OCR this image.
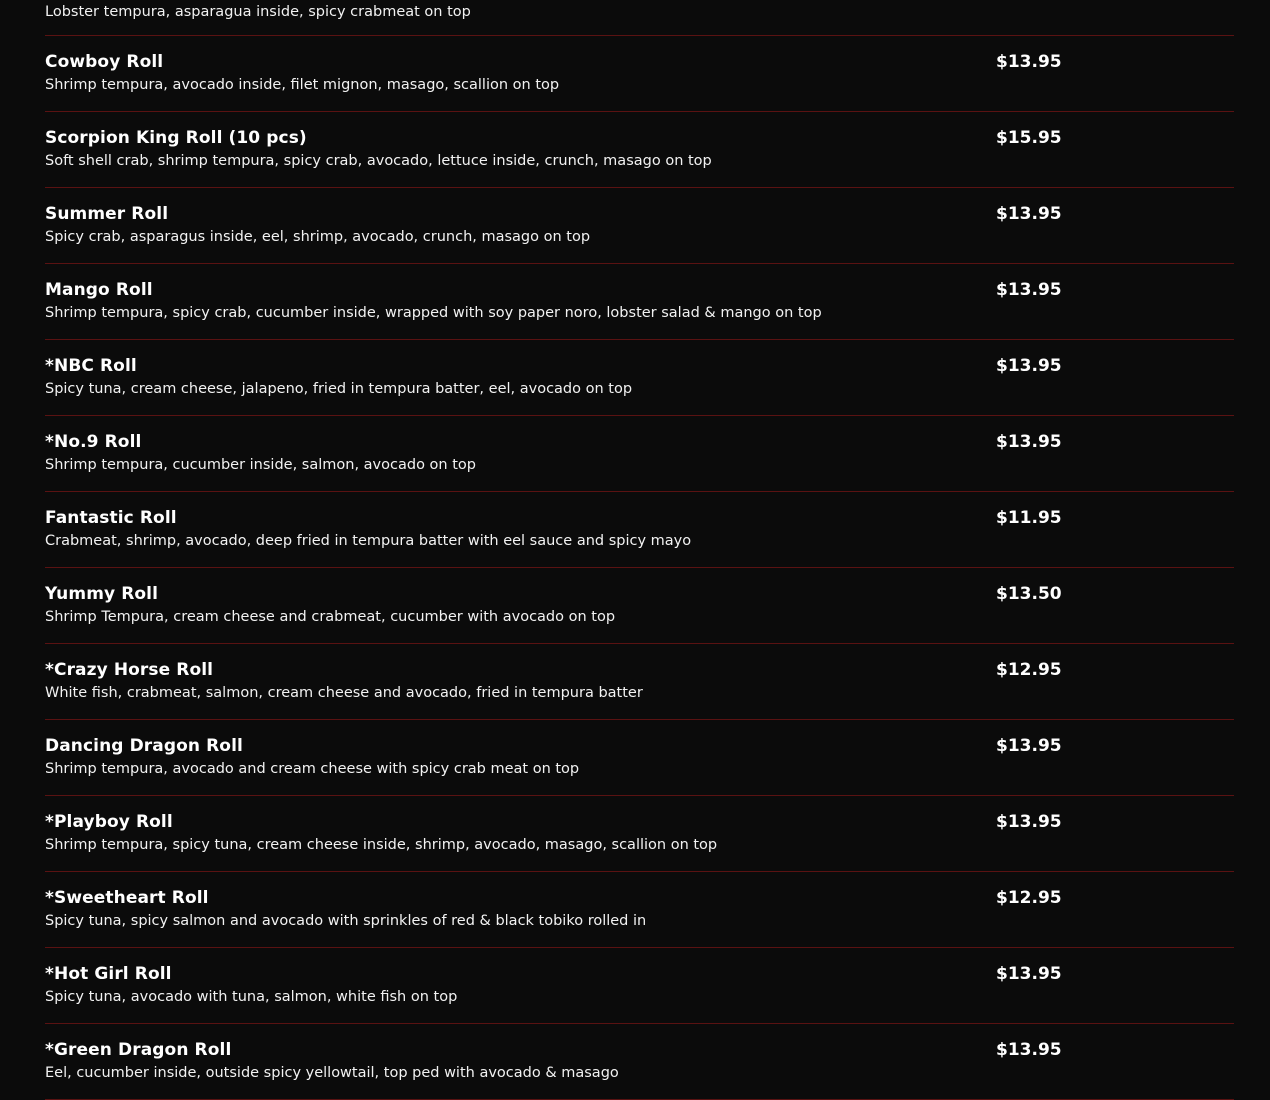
Lobster tempura, asparagua inside, spicy crabmeat on top
Cowboy Roll	$13.95
Shrimp tempura, avocado inside, filet mignon, masago, scallion on top
Scorpion King Roll (10 pcs)	$15.95
Soft shell crab, shrimp tempura, spicy crab, avocado, lettuce inside, crunch, masago on top
Summer Roll	$13.95
Spicy crab, asparagus inside, eel, shrimp, avocado, crunch, masago on top
Mango Roll	$13.95
Shrimp tempura, spicy crab, cucumber inside, wrapped with soy paper noro, lobster salad & mango on top
*NBC Roll	$13.95
Spicy tuna, cream cheese, jalapeno, fried in tempura batter, eel, avocado on top
*No.9 Roll	$13.95
Shrimp tempura, cucumber inside, salmon, avocado on top
Fantastic Roll	$11.95
Crabmeat, shrimp, avocado, deep fried in tempura batter with eel sauce and spicy mayo
Yummy Roll	$13.50
Shrimp Tempura, cream cheese and crabmeat, cucumber with avocado on top
*Crazy Horse Roll	$12.95
White fish, crabmeat, salmon, cream cheese and avocado, fried in tempura batter
Dancing Dragon Roll	$13.95
Shrimp tempura, avocado and cream cheese with spicy crab meat on top
*Playboy Roll	$13.95
Shrimp tempura, spicy tuna, cream cheese inside, shrimp, avocado, masago, scallion on top
*Sweetheart Roll	$12.95
Spicy tuna, spicy salmon and avocado with sprinkles of red & black tobiko rolled in
*Hot Girl Roll	$13.95
Spicy tuna, avocado with tuna, salmon, white fish on top
*Green Dragon Roll	$13.95
Eel, cucumber inside, outside spicy yellowtail, top ped with avocado & masago
